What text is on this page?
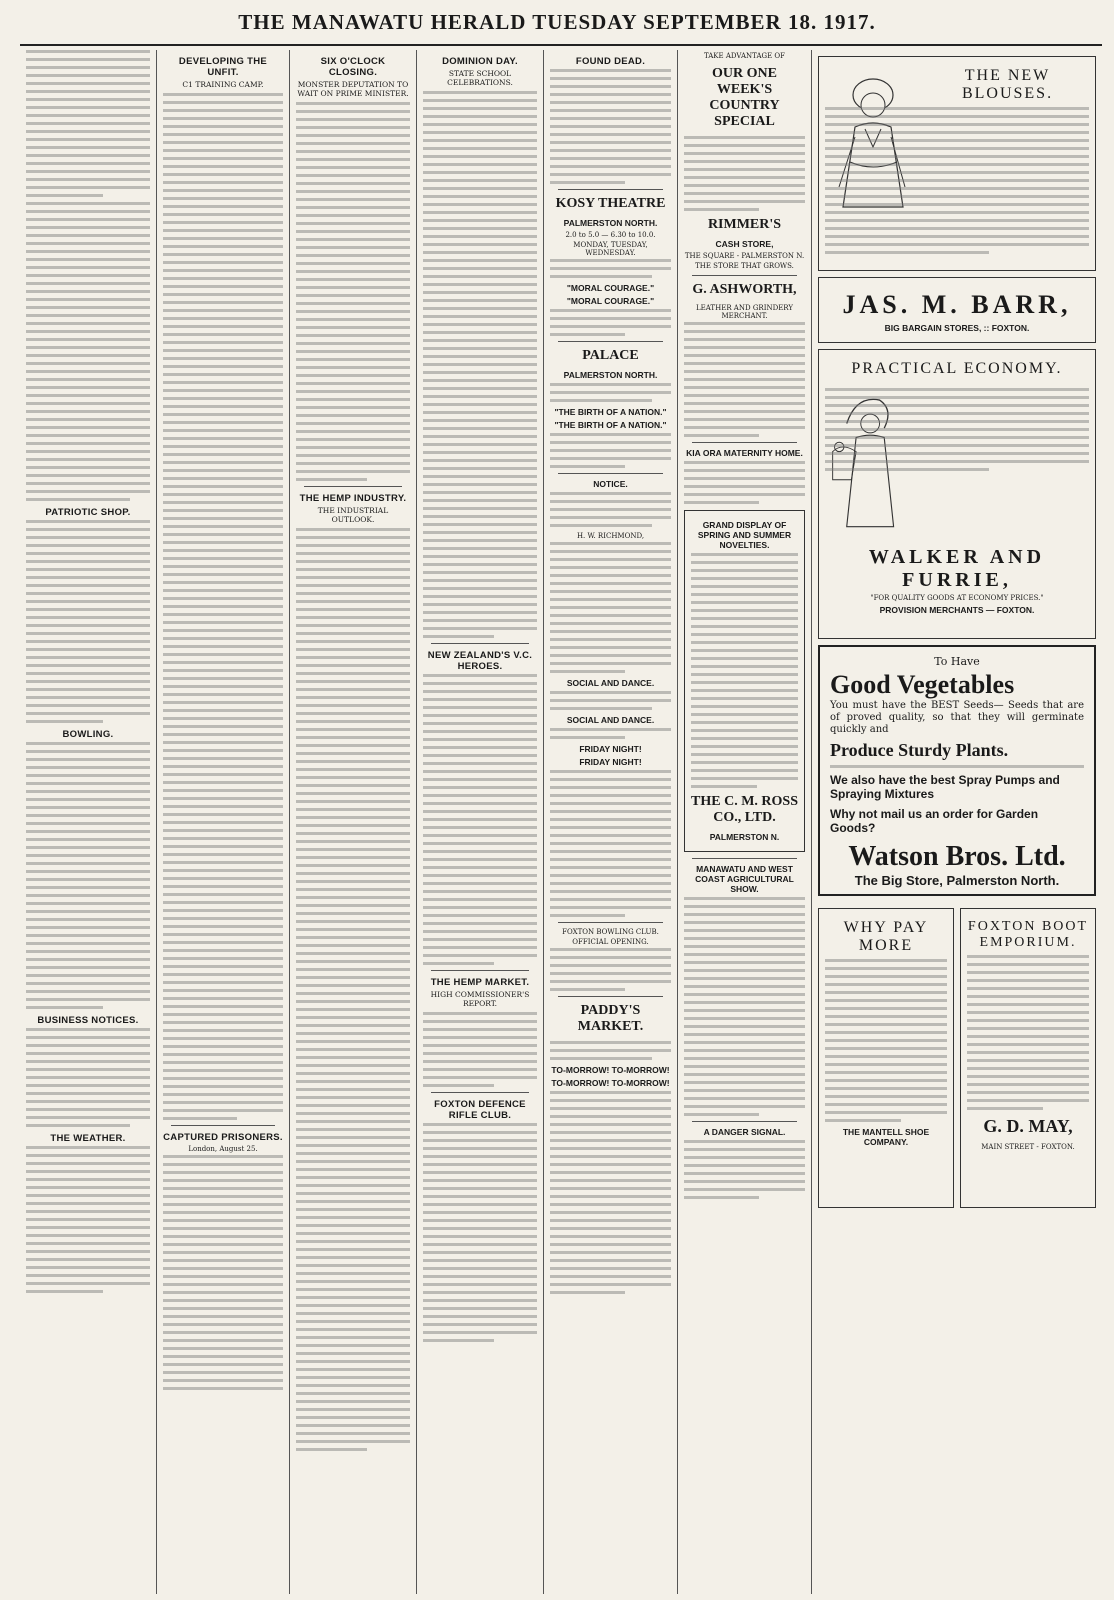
THE MANAWATU HERALD TUESDAY SEPTEMBER 18. 1917.
PATRIOTIC SHOP.
BOWLING.
BUSINESS NOTICES.
THE WEATHER.
DEVELOPING THE UNFIT.
C1 TRAINING CAMP.
CAPTURED PRISONERS.
London, August 25.
SIX O'CLOCK CLOSING.
MONSTER DEPUTATION TO WAIT ON PRIME MINISTER.
THE HEMP INDUSTRY.
THE INDUSTRIAL OUTLOOK.
DOMINION DAY.
STATE SCHOOL CELEBRATIONS.
NEW ZEALAND'S V.C. HEROES.
THE HEMP MARKET.
HIGH COMMISSIONER'S REPORT.
FOXTON DEFENCE RIFLE CLUB.
FOUND DEAD.
KOSY THEATRE
PALMERSTON NORTH.
2.0 to 5.0 — 6.30 to 10.0.
MONDAY, TUESDAY, WEDNESDAY.
"MORAL COURAGE."
"MORAL COURAGE."
PALACE
PALMERSTON NORTH.
"THE BIRTH OF A NATION."
"THE BIRTH OF A NATION."
NOTICE.
H. W. RICHMOND,
SOCIAL AND DANCE.
SOCIAL AND DANCE.
FRIDAY NIGHT!
FRIDAY NIGHT!
FOXTON BOWLING CLUB.
OFFICIAL OPENING.
PADDY'S MARKET.
TO-MORROW! TO-MORROW!
TO-MORROW! TO-MORROW!
TAKE ADVANTAGE OF
OUR ONE WEEK'S COUNTRY SPECIAL
RIMMER'S
CASH STORE,
THE SQUARE - PALMERSTON N.
THE STORE THAT GROWS.
G. ASHWORTH,
LEATHER AND GRINDERY MERCHANT.
KIA ORA MATERNITY HOME.
GRAND DISPLAY OF SPRING AND SUMMER NOVELTIES.
THE C. M. ROSS CO., LTD.
PALMERSTON N.
MANAWATU AND WEST COAST AGRICULTURAL SHOW.
A DANGER SIGNAL.
THE NEW BLOUSES.
JAS. M. BARR,
BIG BARGAIN STORES, :: FOXTON.
PRACTICAL ECONOMY.
WALKER AND FURRIE,
"FOR QUALITY GOODS AT ECONOMY PRICES."
PROVISION MERCHANTS — FOXTON.
To Have
Good Vegetables
You must have the BEST Seeds— Seeds that are of proved quality, so that they will germinate quickly and
Produce Sturdy Plants.
We also have the best Spray Pumps and Spraying Mixtures
Why not mail us an order for Garden Goods?
Watson Bros. Ltd.
The Big Store, Palmerston North.
WHY PAY MORE
THE MANTELL SHOE COMPANY.
FOXTON BOOT EMPORIUM.
G. D. MAY,
MAIN STREET - FOXTON.
